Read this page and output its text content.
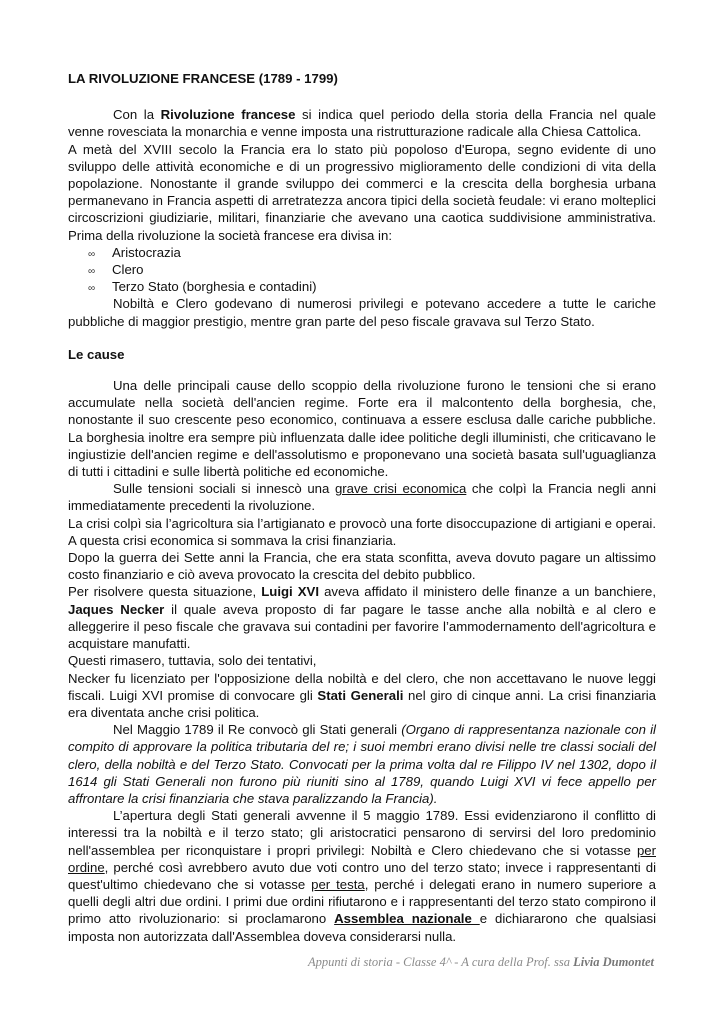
LA RIVOLUZIONE FRANCESE (1789 - 1799)

Con la Rivoluzione francese si indica quel periodo della storia della Francia nel quale venne rovesciata la monarchia e venne imposta una ristrutturazione radicale alla Chiesa Cattolica.

A metà del XVIII secolo la Francia era lo stato più popoloso d'Europa, segno evidente di uno sviluppo delle attività economiche e di un progressivo miglioramento delle condizioni di vita della popolazione. Nonostante il grande sviluppo dei commerci e la crescita della borghesia urbana permanevano in Francia aspetti di arretratezza ancora tipici della società feudale: vi erano molteplici circoscrizioni giudiziarie, militari, finanziarie che avevano una caotica suddivisione amministrativa. Prima della rivoluzione la società francese era divisa in:

∞ Aristocrazia
∞ Clero
∞ Terzo Stato (borghesia e contadini)

Nobiltà e Clero godevano di numerosi privilegi e potevano accedere a tutte le cariche pubbliche di maggior prestigio, mentre gran parte del peso fiscale gravava sul Terzo Stato.

Le cause

Una delle principali cause dello scoppio della rivoluzione furono le tensioni che si erano accumulate nella società dell'ancien regime. Forte era il malcontento della borghesia, che, nonostante il suo crescente peso economico, continuava a essere esclusa dalle cariche pubbliche. La borghesia inoltre era sempre più influenzata dalle idee politiche degli illuministi, che criticavano le ingiustizie dell'ancien regime e dell'assolutismo e proponevano una società basata sull'uguaglianza di tutti i cittadini e sulle libertà politiche ed economiche.

Sulle tensioni sociali si innescò una grave crisi economica che colpì la Francia negli anni immediatamente precedenti la rivoluzione.

La crisi colpì sia l’agricoltura sia l’artigianato e provocò una forte disoccupazione di artigiani e operai. A questa crisi economica si sommava la crisi finanziaria.

Dopo la guerra dei Sette anni la Francia, che era stata sconfitta, aveva dovuto pagare un altissimo costo finanziario e ciò aveva provocato la crescita del debito pubblico.

Per risolvere questa situazione, Luigi XVI aveva affidato il ministero delle finanze a un banchiere, Jaques Necker il quale aveva proposto di far pagare le tasse anche alla nobiltà e al clero e alleggerire il peso fiscale che gravava sui contadini per favorire l’ammodernamento dell'agricoltura e acquistare manufatti.

Questi rimasero, tuttavia, solo dei tentativi,

Necker fu licenziato per l'opposizione della nobiltà e del clero, che non accettavano le nuove leggi fiscali. Luigi XVI promise di convocare gli Stati Generali nel giro di cinque anni. La crisi finanziaria era diventata anche crisi politica.

Nel Maggio 1789 il Re convocò gli Stati generali (Organo di rappresentanza nazionale con il compito di approvare la politica tributaria del re; i suoi membri erano divisi nelle tre classi sociali del clero, della nobiltà e del Terzo Stato. Convocati per la prima volta dal re Filippo IV nel 1302, dopo il 1614 gli Stati Generali non furono più riuniti sino al 1789, quando Luigi XVI vi fece appello per affrontare la crisi finanziaria che stava paralizzando la Francia).

L’apertura degli Stati generali avvenne il 5 maggio 1789. Essi evidenziarono il conflitto di interessi tra la nobiltà e il terzo stato; gli aristocratici pensarono di servirsi del loro predominio nell'assemblea per riconquistare i propri privilegi: Nobiltà e Clero chiedevano che si votasse per ordine, perché così avrebbero avuto due voti contro uno del terzo stato; invece i rappresentanti di quest'ultimo chiedevano che si votasse per testa, perché i delegati erano in numero superiore a quelli degli altri due ordini. I primi due ordini rifiutarono e i rappresentanti del terzo stato compirono il primo atto rivoluzionario: si proclamarono Assemblea nazionale e dichiararono che qualsiasi imposta non autorizzata dall'Assemblea doveva considerarsi nulla.

Appunti di storia - Classe 4^ - A cura della Prof. ssa Livia Dumontet
